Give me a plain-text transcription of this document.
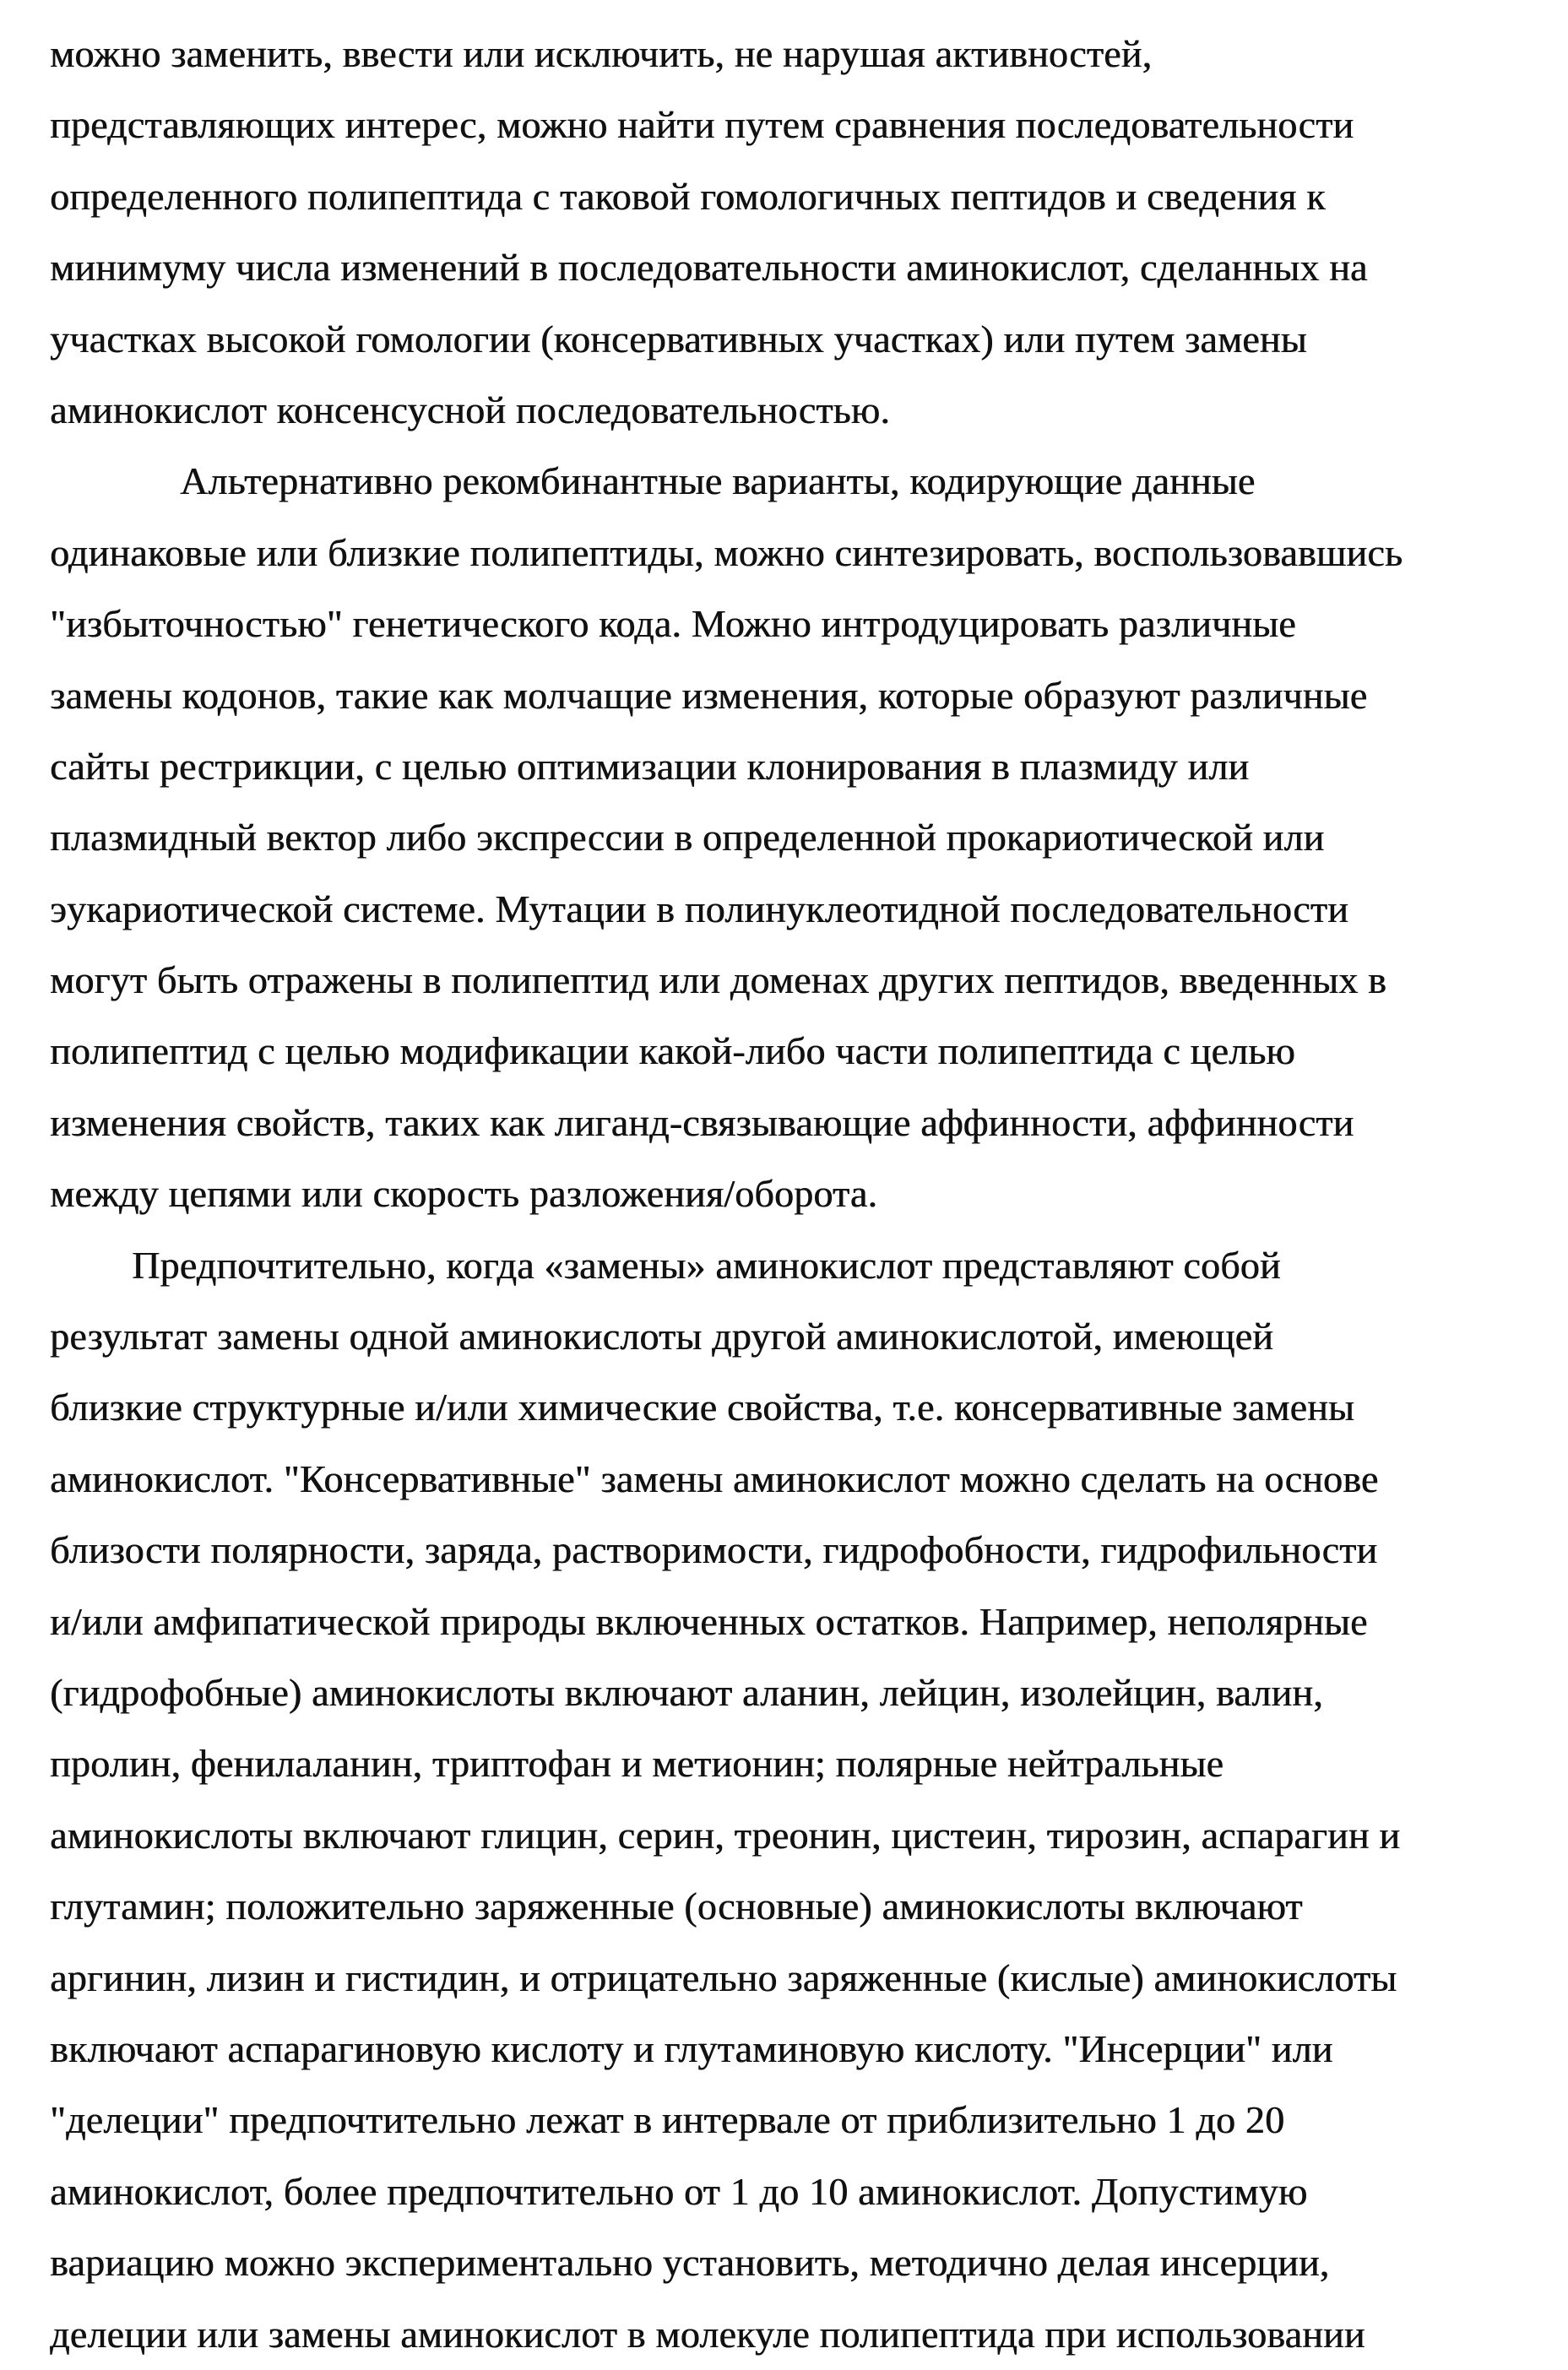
можно заменить, ввести или исключить, не нарушая активностей,
представляющих интерес, можно найти путем сравнения последовательности
определенного полипептида с таковой гомологичных пептидов и сведения к
минимуму числа изменений в последовательности аминокислот, сделанных на
участках высокой гомологии (консервативных участках) или путем замены
аминокислот консенсусной последовательностью.
Альтернативно рекомбинантные варианты, кодирующие данные
одинаковые или близкие полипептиды, можно синтезировать, воспользовавшись
"избыточностью" генетического кода. Можно интродуцировать различные
замены кодонов, такие как молчащие изменения, которые образуют различные
сайты рестрикции, с целью оптимизации клонирования в плазмиду или
плазмидный вектор либо экспрессии в определенной прокариотической или
эукариотической системе. Мутации в полинуклеотидной последовательности
могут быть отражены в полипептид или доменах других пептидов, введенных в
полипептид с целью модификации какой-либо части полипептида с целью
изменения свойств, таких как лиганд-связывающие аффинности, аффинности
между цепями или скорость разложения/оборота.
Предпочтительно, когда «замены» аминокислот представляют собой
результат замены одной аминокислоты другой аминокислотой, имеющей
близкие структурные и/или химические свойства, т.е. консервативные замены
аминокислот. "Консервативные" замены аминокислот можно сделать на основе
близости полярности, заряда, растворимости, гидрофобности, гидрофильности
и/или амфипатической природы включенных остатков. Например, неполярные
(гидрофобные) аминокислоты включают аланин, лейцин, изолейцин, валин,
пролин, фенилаланин, триптофан и метионин; полярные нейтральные
аминокислоты включают глицин, серин, треонин, цистеин, тирозин, аспарагин и
глутамин; положительно заряженные (основные) аминокислоты включают
аргинин, лизин и гистидин, и отрицательно заряженные (кислые) аминокислоты
включают аспарагиновую кислоту и глутаминовую кислоту. "Инсерции" или
"делеции" предпочтительно лежат в интервале от приблизительно 1 до 20
аминокислот, более предпочтительно от 1 до 10 аминокислот. Допустимую
вариацию можно экспериментально установить, методично делая инсерции,
делеции или замены аминокислот в молекуле полипептида при использовании
